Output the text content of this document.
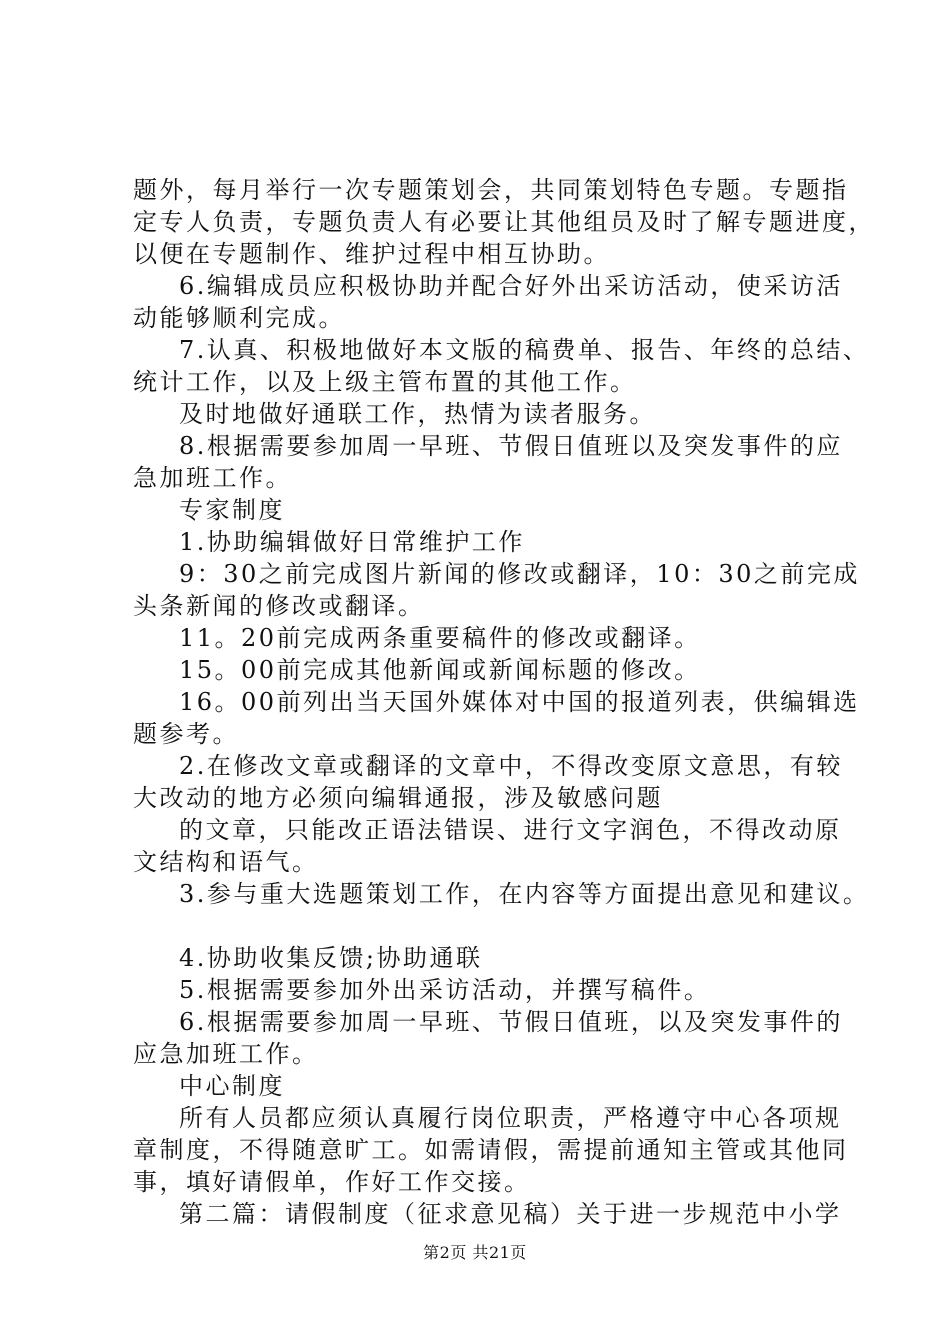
题外，每月举行一次专题策划会，共同策划特色专题。专题指
定专人负责，专题负责人有必要让其他组员及时了解专题进度，
以便在专题制作、维护过程中相互协助。
6.编辑成员应积极协助并配合好外出采访活动，使采访活
动能够顺利完成。
7.认真、积极地做好本文版的稿费单、报告、年终的总结、
统计工作，以及上级主管布置的其他工作。
及时地做好通联工作，热情为读者服务。
8.根据需要参加周一早班、节假日值班以及突发事件的应
急加班工作。
专家制度
1.协助编辑做好日常维护工作
9：30之前完成图片新闻的修改或翻译，10：30之前完成
头条新闻的修改或翻译。
11。20前完成两条重要稿件的修改或翻译。
15。00前完成其他新闻或新闻标题的修改。
16。00前列出当天国外媒体对中国的报道列表，供编辑选
题参考。
2.在修改文章或翻译的文章中，不得改变原文意思，有较
大改动的地方必须向编辑通报，涉及敏感问题
的文章，只能改正语法错误、进行文字润色，不得改动原
文结构和语气。
3.参与重大选题策划工作，在内容等方面提出意见和建议。
4.协助收集反馈;协助通联
5.根据需要参加外出采访活动，并撰写稿件。
6.根据需要参加周一早班、节假日值班，以及突发事件的
应急加班工作。
中心制度
所有人员都应须认真履行岗位职责，严格遵守中心各项规
章制度，不得随意旷工。如需请假，需提前通知主管或其他同
事，填好请假单，作好工作交接。
第二篇：请假制度（征求意见稿）关于进一步规范中小学
第2页 共21页
